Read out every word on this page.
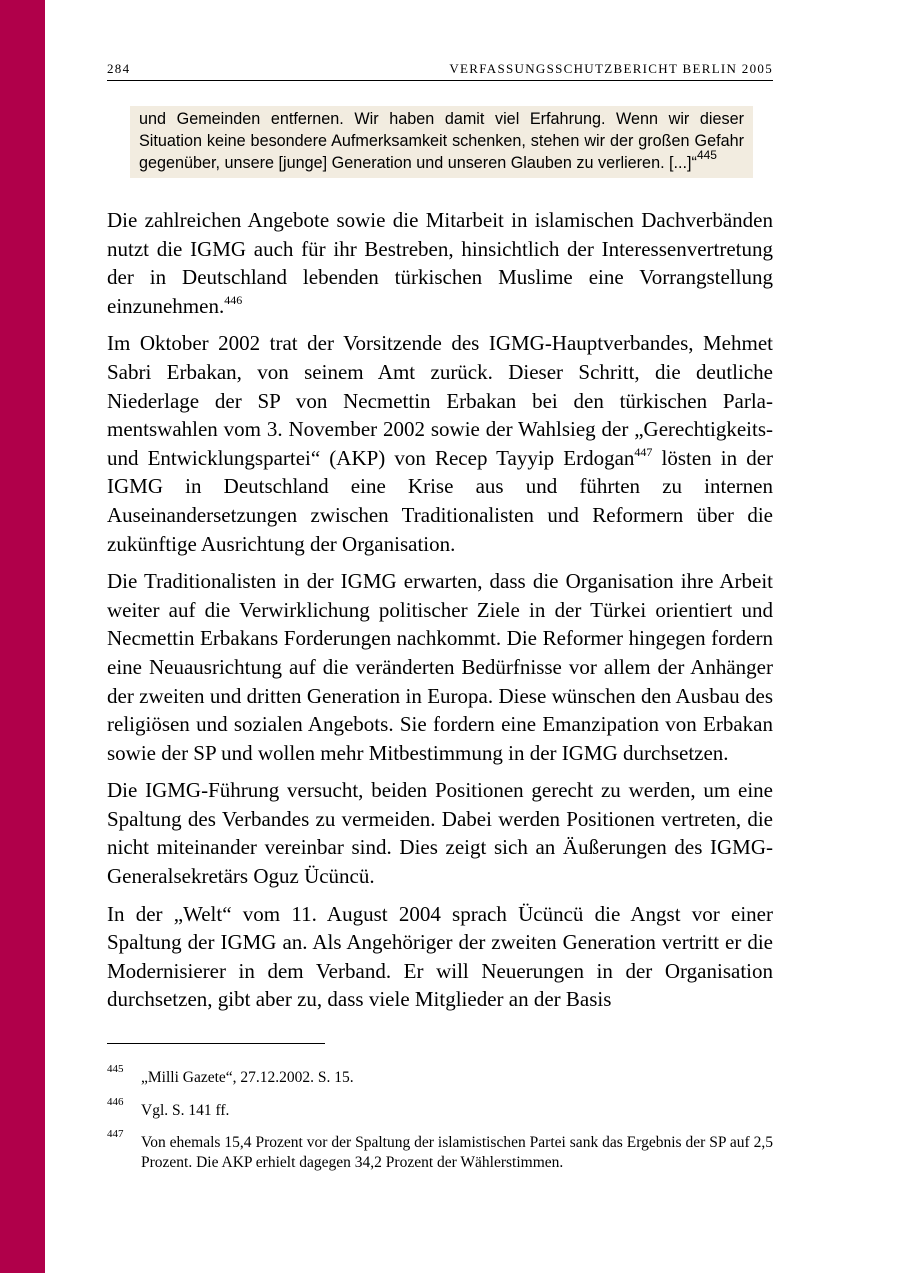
284	VERFASSUNGSSCHUTZBERICHT BERLIN 2005
und Gemeinden entfernen. Wir haben damit viel Erfahrung. Wenn wir dieser Situation keine besondere Aufmerksamkeit schenken, stehen wir der großen Gefahr gegenüber, unsere [junge] Generation und unseren Glauben zu verlieren. [...]“$^{445}$

Die zahlreichen Angebote sowie die Mitarbeit in islamischen Dachverbänden nutzt die IGMG auch für ihr Bestreben, hinsichtlich der Interessenvertretung der in Deutschland lebenden türkischen Muslime eine Vorrangstellung einzunehmen.$^{446}$

Im Oktober 2002 trat der Vorsitzende des IGMG-Hauptverbandes, Mehmet Sabri Erbakan, von seinem Amt zurück. Dieser Schritt, die deutliche Niederlage der SP von Necmettin Erbakan bei den türkischen Parlamentswahlen vom 3. November 2002 sowie der Wahlsieg der „Gerechtigkeits- und Entwicklungspartei“ (AKP) von Recep Tayyip Erdogan$^{447}$ lösten in der IGMG in Deutschland eine Krise aus und führten zu internen Auseinandersetzungen zwischen Traditionalisten und Reformern über die zukünftige Ausrichtung der Organisation.

Die Traditionalisten in der IGMG erwarten, dass die Organisation ihre Arbeit weiter auf die Verwirklichung politischer Ziele in der Türkei orientiert und Necmettin Erbakans Forderungen nachkommt. Die Reformer hingegen fordern eine Neuausrichtung auf die veränderten Bedürfnisse vor allem der Anhänger der zweiten und dritten Generation in Europa. Diese wünschen den Ausbau des religiösen und sozialen Angebots. Sie fordern eine Emanzipation von Erbakan sowie der SP und wollen mehr Mitbestimmung in der IGMG durchsetzen.

Die IGMG-Führung versucht, beiden Positionen gerecht zu werden, um eine Spaltung des Verbandes zu vermeiden. Dabei werden Positionen vertreten, die nicht miteinander vereinbar sind. Dies zeigt sich an Äußerungen des IGMG-Generalsekretärs Oguz Ücüncü.

In der „Welt“ vom 11. August 2004 sprach Ücüncü die Angst vor einer Spaltung der IGMG an. Als Angehöriger der zweiten Generation vertritt er die Modernisierer in dem Verband. Er will Neuerungen in der Organisation durchsetzen, gibt aber zu, dass viele Mitglieder an der Basis

445	„Milli Gazete“, 27.12.2002. S. 15.
446	Vgl. S. 141 ff.
447	Von ehemals 15,4 Prozent vor der Spaltung der islamistischen Partei sank das Ergebnis der SP auf 2,5 Prozent. Die AKP erhielt dagegen 34,2 Prozent der Wählerstimmen.
